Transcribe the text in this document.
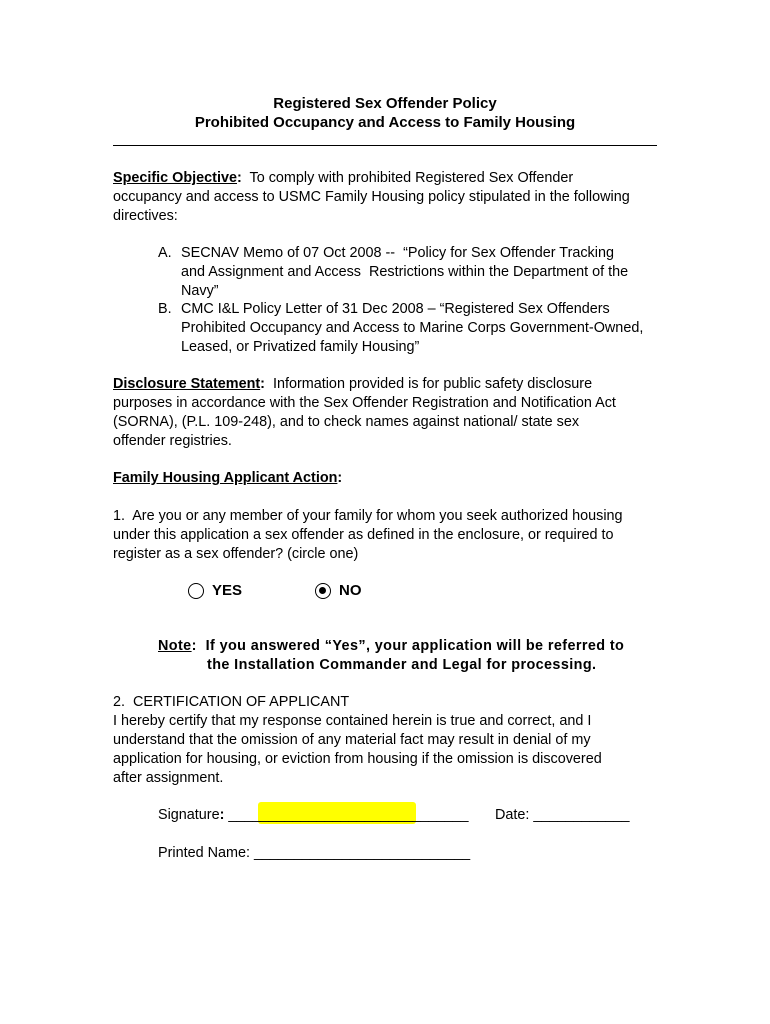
Registered Sex Offender Policy
Prohibited Occupancy and Access to Family Housing
Specific Objective: To comply with prohibited Registered Sex Offender
occupancy and access to USMC Family Housing policy stipulated in the following
directives:
A. SECNAV Memo of 07 Oct 2008 --  “Policy for Sex Offender Tracking
and Assignment and Access  Restrictions within the Department of the
Navy”
B. CMC I&L Policy Letter of 31 Dec 2008 – “Registered Sex Offenders
Prohibited Occupancy and Access to Marine Corps Government-Owned,
Leased, or Privatized family Housing”
Disclosure Statement: Information provided is for public safety disclosure
purposes in accordance with the Sex Offender Registration and Notification Act
(SORNA), (P.L. 109-248), and to check names against national/ state sex
offender registries.
Family Housing Applicant Action:
1.  Are you or any member of your family for whom you seek authorized housing
under this application a sex offender as defined in the enclosure, or required to
register as a sex offender? (circle one)
YES	NO
Note:  If you answered “Yes”, your application will be referred to
the Installation Commander and Legal for processing.
2.  CERTIFICATION OF APPLICANT
I hereby certify that my response contained herein is true and correct, and I
understand that the omission of any material fact may result in denial of my
application for housing, or eviction from housing if the omission is discovered
after assignment.
Signature: ______________________________ Date: ____________
Printed Name: ___________________________
